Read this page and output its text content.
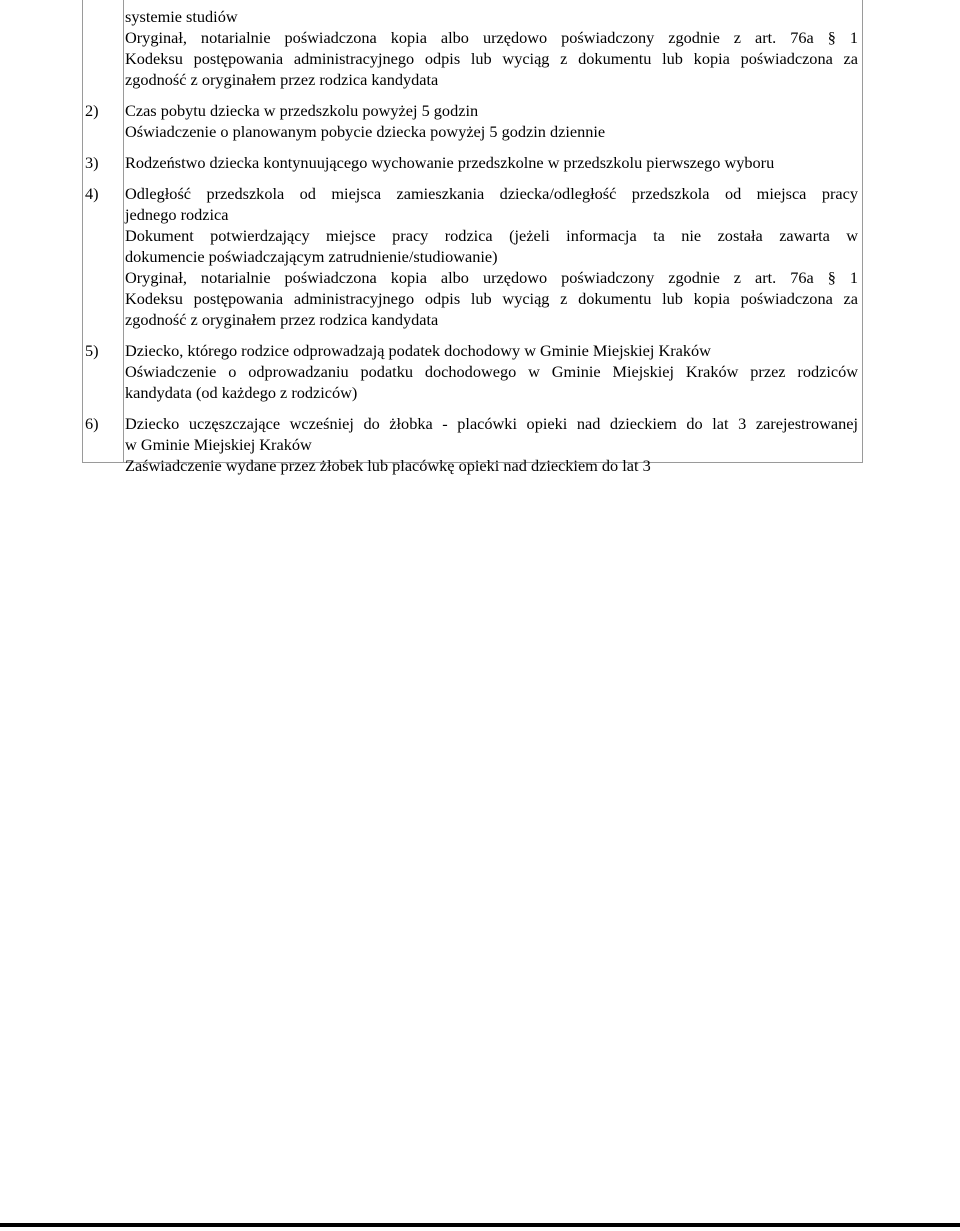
systemie studiów
Oryginał, notarialnie poświadczona kopia albo urzędowo poświadczony zgodnie z art. 76a § 1
Kodeksu postępowania administracyjnego odpis lub wyciąg z dokumentu lub kopia poświadczona za
zgodność z oryginałem przez rodzica kandydata
2)	Czas pobytu dziecka w przedszkolu powyżej 5 godzin
Oświadczenie o planowanym pobycie dziecka powyżej 5 godzin dziennie
3)	Rodzeństwo dziecka kontynuującego wychowanie przedszkolne w przedszkolu pierwszego wyboru
4)	Odległość przedszkola od miejsca zamieszkania dziecka/odległość przedszkola od miejsca pracy
jednego rodzica
Dokument potwierdzający miejsce pracy rodzica (jeżeli informacja ta nie została zawarta w
dokumencie poświadczającym zatrudnienie/studiowanie)
Oryginał, notarialnie poświadczona kopia albo urzędowo poświadczony zgodnie z art. 76a § 1
Kodeksu postępowania administracyjnego odpis lub wyciąg z dokumentu lub kopia poświadczona za
zgodność z oryginałem przez rodzica kandydata
5)	Dziecko, którego rodzice odprowadzają podatek dochodowy w Gminie Miejskiej Kraków
Oświadczenie o odprowadzaniu podatku dochodowego w Gminie Miejskiej Kraków przez rodziców
kandydata (od każdego z rodziców)
6)	Dziecko uczęszczające wcześniej do żłobka - placówki opieki nad dzieckiem do lat 3 zarejestrowanej
w Gminie Miejskiej Kraków
Zaświadczenie wydane przez żłobek lub placówkę opieki nad dzieckiem do lat 3
